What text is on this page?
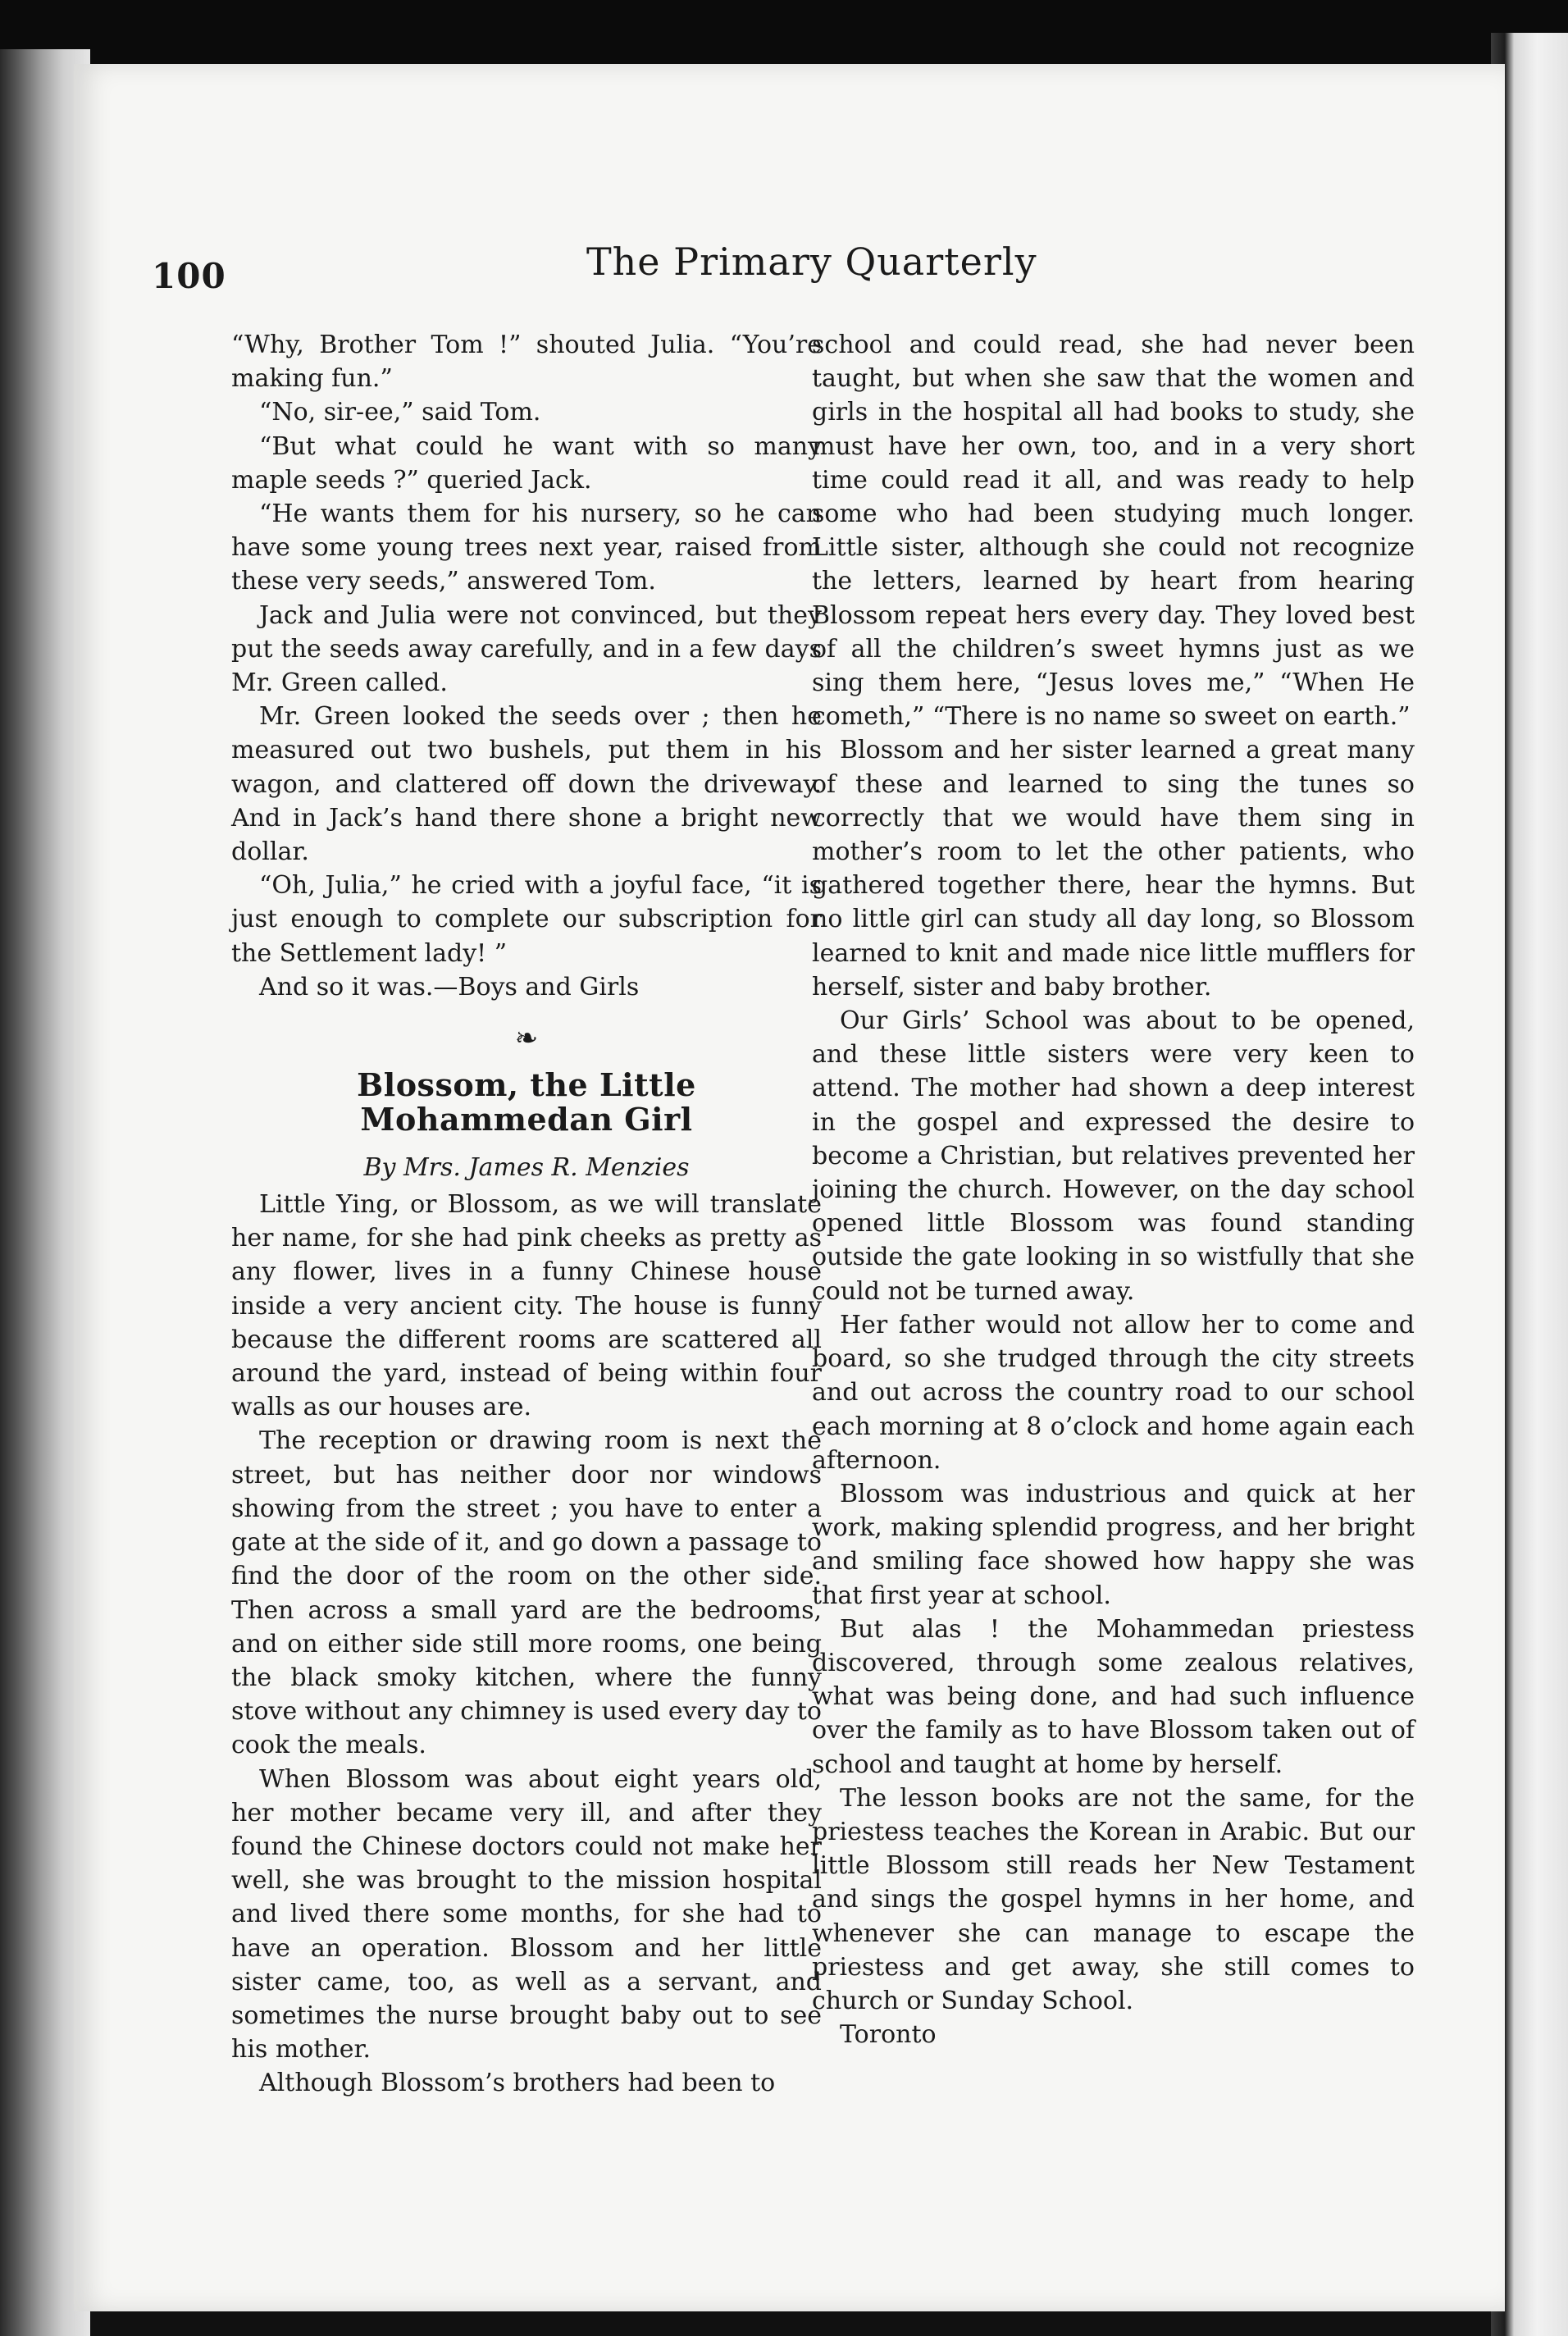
100	The Primary Quarterly

“Why, Brother Tom !” shouted Julia. “You’re making fun.”

“No, sir-ee,” said Tom.

“But what could he want with so many maple seeds ?” queried Jack.

“He wants them for his nursery, so he can have some young trees next year, raised from these very seeds,” answered Tom.

Jack and Julia were not convinced, but they put the seeds away carefully, and in a few days Mr. Green called.

Mr. Green looked the seeds over ; then he measured out two bushels, put them in his wagon, and clattered off down the driveway. And in Jack’s hand there shone a bright new dollar.

“Oh, Julia,” he cried with a joyful face, “it is just enough to complete our subscription for the Settlement lady! ”

And so it was.—Boys and Girls

❧
Blossom, the Little Mohammedan Girl
By Mrs. James R. Menzies

Little Ying, or Blossom, as we will translate her name, for she had pink cheeks as pretty as any flower, lives in a funny Chinese house inside a very ancient city. The house is funny because the different rooms are scattered all around the yard, instead of being within four walls as our houses are.

The reception or drawing room is next the street, but has neither door nor windows showing from the street ; you have to enter a gate at the side of it, and go down a passage to find the door of the room on the other side. Then across a small yard are the bedrooms, and on either side still more rooms, one being the black smoky kitchen, where the funny stove without any chimney is used every day to cook the meals.

When Blossom was about eight years old, her mother became very ill, and after they found the Chinese doctors could not make her well, she was brought to the mission hospital and lived there some months, for she had to have an operation. Blossom and her little sister came, too, as well as a servant, and sometimes the nurse brought baby out to see his mother.

Although Blossom’s brothers had been to

school and could read, she had never been taught, but when she saw that the women and girls in the hospital all had books to study, she must have her own, too, and in a very short time could read it all, and was ready to help some who had been studying much longer. Little sister, although she could not recognize the letters, learned by heart from hearing Blossom repeat hers every day. They loved best of all the children’s sweet hymns just as we sing them here, “Jesus loves me,” “When He cometh,” “There is no name so sweet on earth.”

Blossom and her sister learned a great many of these and learned to sing the tunes so correctly that we would have them sing in mother’s room to let the other patients, who gathered together there, hear the hymns. But no little girl can study all day long, so Blossom learned to knit and made nice little mufflers for herself, sister and baby brother.

Our Girls’ School was about to be opened, and these little sisters were very keen to attend. The mother had shown a deep interest in the gospel and expressed the desire to become a Christian, but relatives prevented her joining the church. However, on the day school opened little Blossom was found standing outside the gate looking in so wistfully that she could not be turned away.

Her father would not allow her to come and board, so she trudged through the city streets and out across the country road to our school each morning at 8 o’clock and home again each afternoon.

Blossom was industrious and quick at her work, making splendid progress, and her bright and smiling face showed how happy she was that first year at school.

But alas ! the Mohammedan priestess discovered, through some zealous relatives, what was being done, and had such influence over the family as to have Blossom taken out of school and taught at home by herself.

The lesson books are not the same, for the priestess teaches the Korean in Arabic. But our little Blossom still reads her New Testament and sings the gospel hymns in her home, and whenever she can manage to escape the priestess and get away, she still comes to church or Sunday School.

Toronto
